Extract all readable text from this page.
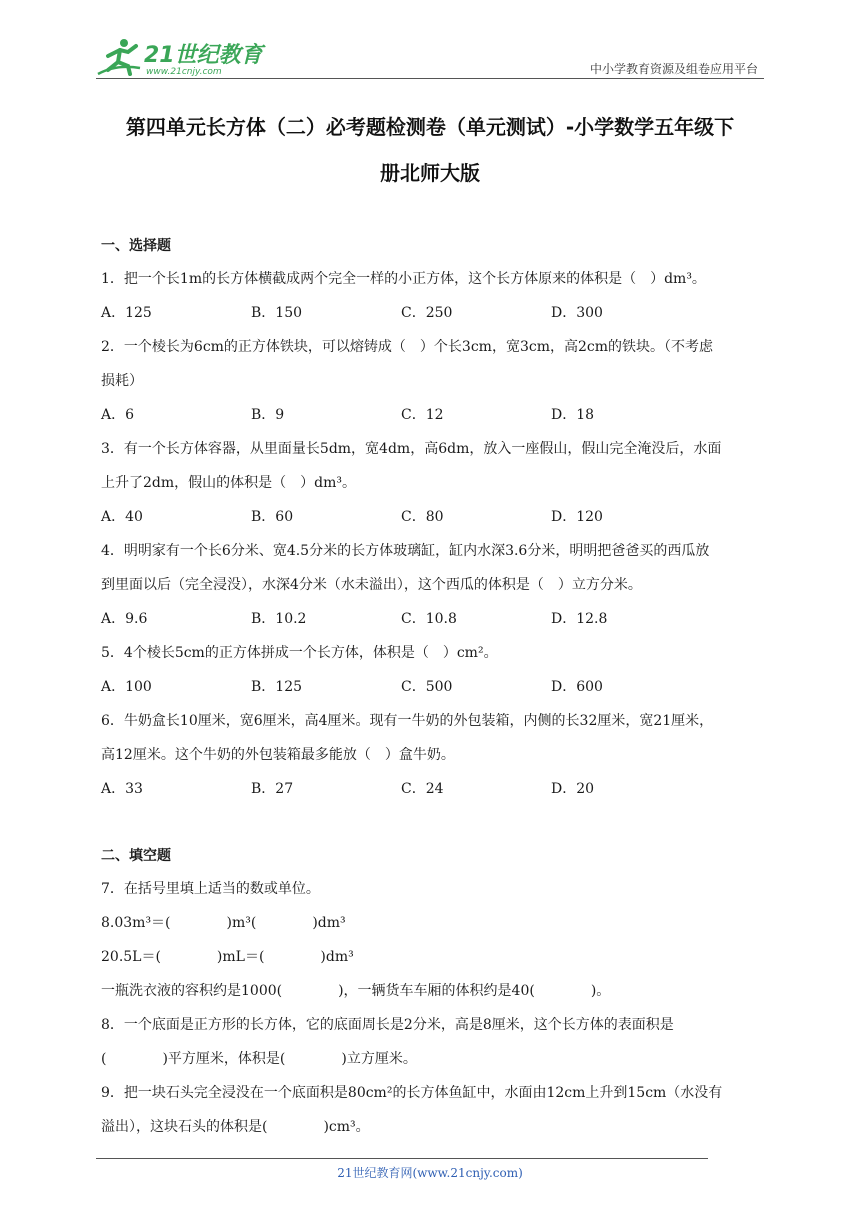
21世纪教育
www.21cnjy.com	中小学教育资源及组卷应用平台
第四单元长方体（二）必考题检测卷（单元测试）-小学数学五年级下
册北师大版
一、选择题
1．把一个长1m的长方体横截成两个完全一样的小正方体，这个长方体原来的体积是（　）dm³。
A．125	B．150	C．250	D．300
2．一个棱长为6cm的正方体铁块，可以熔铸成（　）个长3cm，宽3cm，高2cm的铁块。（不考虑
损耗）
A．6	B．9	C．12	D．18
3．有一个长方体容器，从里面量长5dm，宽4dm，高6dm，放入一座假山，假山完全淹没后，水面
上升了2dm，假山的体积是（　）dm³。
A．40	B．60	C．80	D．120
4．明明家有一个长6分米、宽4.5分米的长方体玻璃缸，缸内水深3.6分米，明明把爸爸买的西瓜放
到里面以后（完全浸没），水深4分米（水未溢出），这个西瓜的体积是（　）立方分米。
A．9.6	B．10.2	C．10.8	D．12.8
5．4个棱长5cm的正方体拼成一个长方体，体积是（　）cm²。
A．100	B．125	C．500	D．600
6．牛奶盒长10厘米，宽6厘米，高4厘米。现有一牛奶的外包装箱，内侧的长32厘米，宽21厘米，
高12厘米。这个牛奶的外包装箱最多能放（　）盒牛奶。
A．33	B．27	C．24	D．20
二、填空题
7．在括号里填上适当的数或单位。
8.03m³＝(　　　　)m³(　　　　)dm³
20.5L＝(　　　　)mL＝(　　　　)dm³
一瓶洗衣液的容积约是1000(　　　　)，一辆货车车厢的体积约是40(　　　　)。
8．一个底面是正方形的长方体，它的底面周长是2分米，高是8厘米，这个长方体的表面积是
(　　　　)平方厘米，体积是(　　　　)立方厘米。
9．把一块石头完全浸没在一个底面积是80cm²的长方体鱼缸中，水面由12cm上升到15cm（水没有
溢出），这块石头的体积是(　　　　)cm³。
21世纪教育网(www.21cnjy.com)
